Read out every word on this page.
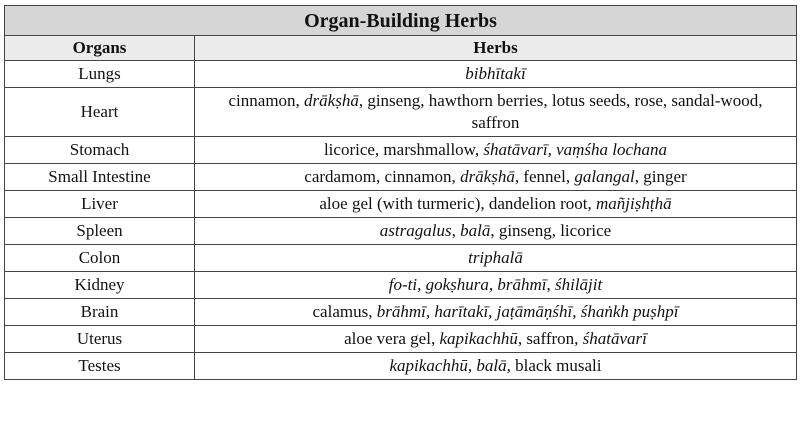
Organ-Building Herbs	
Organs	Herbs
Lungs	bibhītakī
Heart	cinnamon, drākṣhā, ginseng, hawthorn berries, lotus seeds, rose, sandal-wood, saffron
Stomach	licorice, marshmallow, śhatāvarī, vaṃśha lochana
Small Intestine	cardamom, cinnamon, drākṣhā, fennel, galangal, ginger
Liver	aloe gel (with turmeric), dandelion root, mañjiṣhṭhā
Spleen	astragalus, balā, ginseng, licorice
Colon	triphalā
Kidney	fo-ti, gokṣhura, brāhmī, śhilājit
Brain	calamus, brāhmī, harītakī, jaṭāmāṇśhī, śhaṅkh puṣhpī
Uterus	aloe vera gel, kapikachhū, saffron, śhatāvarī
Testes	kapikachhū, balā, black musali
